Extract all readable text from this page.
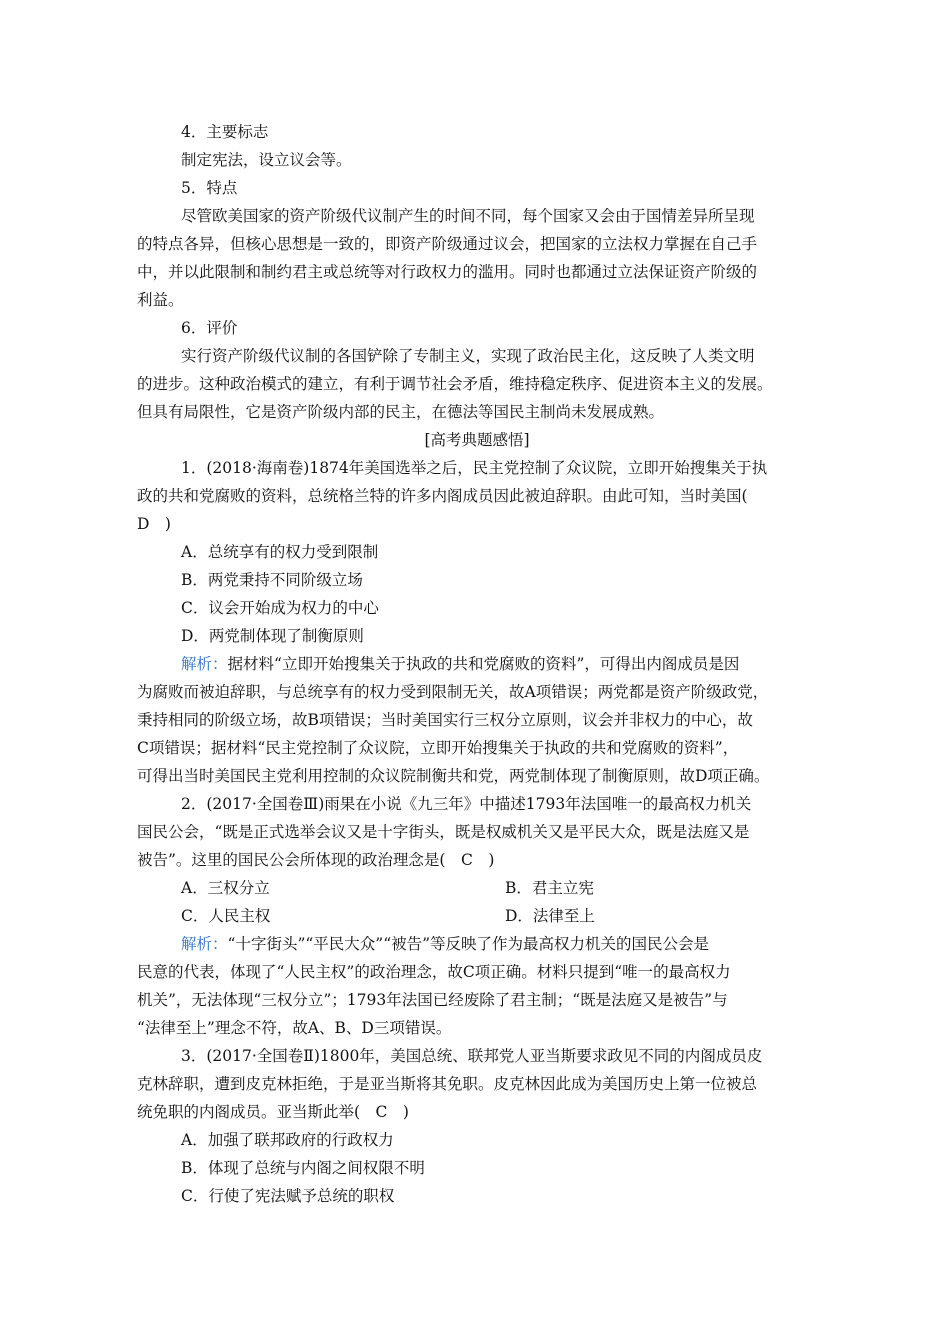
4．主要标志
制定宪法，设立议会等。
5．特点
尽管欧美国家的资产阶级代议制产生的时间不同，每个国家又会由于国情差异所呈现
的特点各异，但核心思想是一致的，即资产阶级通过议会，把国家的立法权力掌握在自己手
中，并以此限制和制约君主或总统等对行政权力的滥用。同时也都通过立法保证资产阶级的
利益。
6．评价
实行资产阶级代议制的各国铲除了专制主义，实现了政治民主化，这反映了人类文明
的进步。这种政治模式的建立，有利于调节社会矛盾，维持稳定秩序、促进资本主义的发展。
但具有局限性，它是资产阶级内部的民主，在德法等国民主制尚未发展成熟。
[高考典题感悟]
1．(2018·海南卷)1874年美国选举之后，民主党控制了众议院，立即开始搜集关于执
政的共和党腐败的资料，总统格兰特的许多内阁成员因此被迫辞职。由此可知，当时美国(
D　)
A．总统享有的权力受到限制
B．两党秉持不同阶级立场
C．议会开始成为权力的中心
D．两党制体现了制衡原则
解析：据材料“立即开始搜集关于执政的共和党腐败的资料”，可得出内阁成员是因
为腐败而被迫辞职，与总统享有的权力受到限制无关，故A项错误；两党都是资产阶级政党，
秉持相同的阶级立场，故B项错误；当时美国实行三权分立原则，议会并非权力的中心，故
C项错误；据材料“民主党控制了众议院，立即开始搜集关于执政的共和党腐败的资料”，
可得出当时美国民主党利用控制的众议院制衡共和党，两党制体现了制衡原则，故D项正确。
2．(2017·全国卷Ⅲ)雨果在小说《九三年》中描述1793年法国唯一的最高权力机关
国民公会，“既是正式选举会议又是十字街头，既是权威机关又是平民大众，既是法庭又是
被告”。这里的国民公会所体现的政治理念是(　C　)
A．三权分立	B．君主立宪
C．人民主权	D．法律至上
解析：“十字街头”“平民大众”“被告”等反映了作为最高权力机关的国民公会是
民意的代表，体现了“人民主权”的政治理念，故C项正确。材料只提到“唯一的最高权力
机关”，无法体现“三权分立”；1793年法国已经废除了君主制；“既是法庭又是被告”与
“法律至上”理念不符，故A、B、D三项错误。
3．(2017·全国卷Ⅱ)1800年，美国总统、联邦党人亚当斯要求政见不同的内阁成员皮
克林辞职，遭到皮克林拒绝，于是亚当斯将其免职。皮克林因此成为美国历史上第一位被总
统免职的内阁成员。亚当斯此举(　C　)
A．加强了联邦政府的行政权力
B．体现了总统与内阁之间权限不明
C．行使了宪法赋予总统的职权
